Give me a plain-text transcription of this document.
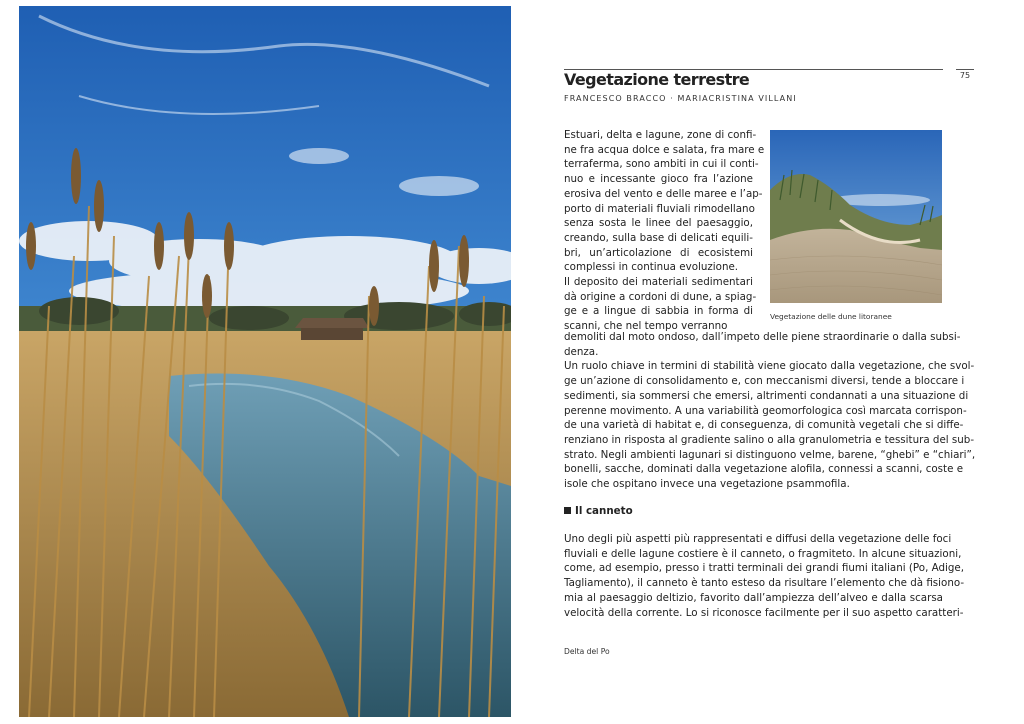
75
Vegetazione terrestre
FRANCESCO BRACCO · MARIACRISTINA VILLANI
Estuari, delta e lagune, zone di confi-
ne fra acqua dolce e salata, fra mare e
terraferma, sono ambiti in cui il conti-
nuo e incessante gioco fra l’azione
erosiva del vento e delle maree e l’ap-
porto di materiali fluviali rimodellano
senza sosta le linee del paesaggio,
creando, sulla base di delicati equili-
bri, un’articolazione di ecosistemi
complessi in continua evoluzione.
Il deposito dei materiali sedimentari
dà origine a cordoni di dune, a spiag-
ge e a lingue di sabbia in forma di
scanni, che nel tempo verranno
Vegetazione delle dune litoranee
demoliti dal moto ondoso, dall’impeto delle piene straordinarie o dalla subsi-
denza.
Un ruolo chiave in termini di stabilità viene giocato dalla vegetazione, che svol-
ge un’azione di consolidamento e, con meccanismi diversi, tende a bloccare i
sedimenti, sia sommersi che emersi, altrimenti condannati a una situazione di
perenne movimento. A una variabilità geomorfologica così marcata corrispon-
de una varietà di habitat e, di conseguenza, di comunità vegetali che si diffe-
renziano in risposta al gradiente salino o alla granulometria e tessitura del sub-
strato. Negli ambienti lagunari si distinguono velme, barene, “ghebi” e “chiari”,
bonelli, sacche, dominati dalla vegetazione alofila, connessi a scanni, coste e
isole che ospitano invece una vegetazione psammofila.
Il canneto
Uno degli più aspetti più rappresentati e diffusi della vegetazione delle foci
fluviali e delle lagune costiere è il canneto, o fragmiteto. In alcune situazioni,
come, ad esempio, presso i tratti terminali dei grandi fiumi italiani (Po, Adige,
Tagliamento), il canneto è tanto esteso da risultare l’elemento che dà fisiono-
mia al paesaggio deltizio, favorito dall’ampiezza dell’alveo e dalla scarsa
velocità della corrente. Lo si riconosce facilmente per il suo aspetto caratteri-
Delta del Po
